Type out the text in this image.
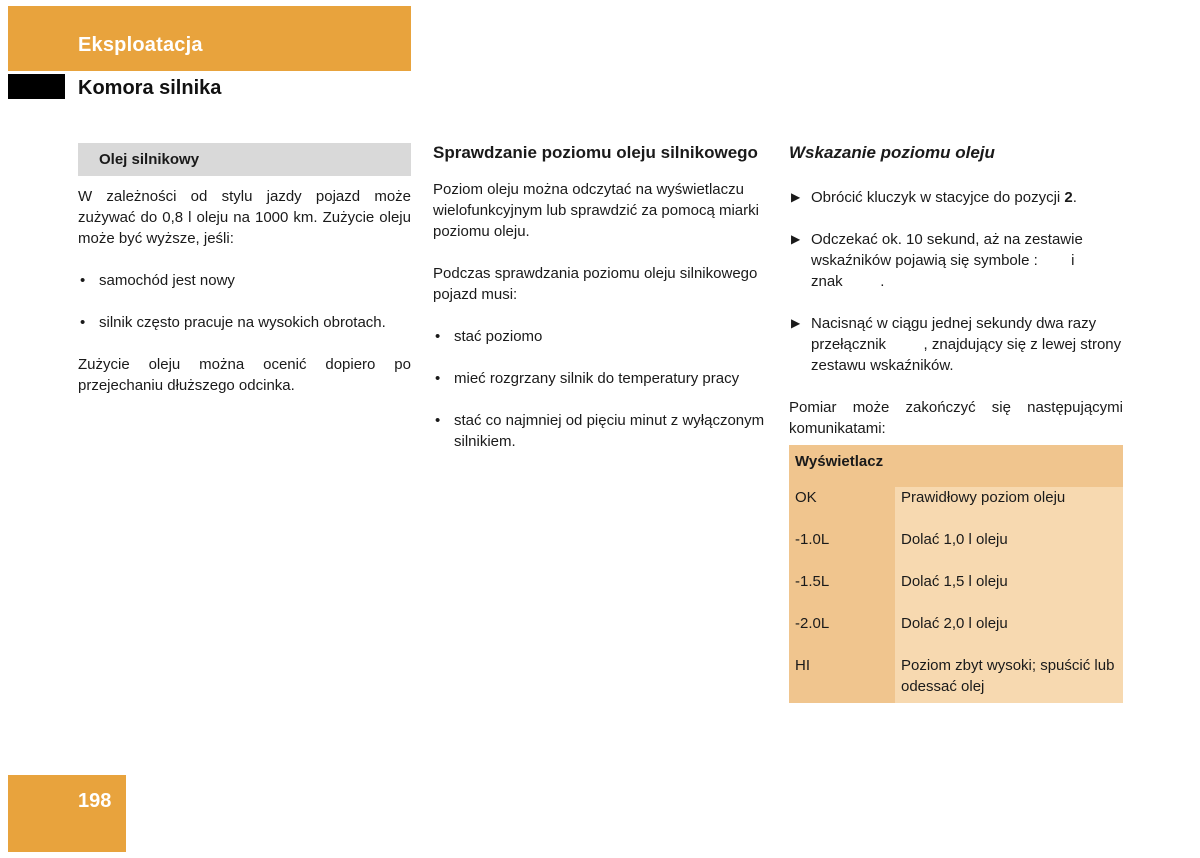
Eksploatacja
Komora silnika
Olej silnikowy

W zależności od stylu jazdy pojazd może zużywać do 0,8 l oleju na 1000 km. Zużycie oleju może być wyższe, jeśli:

• samochód jest nowy
• silnik często pracuje na wysokich obrotach.

Zużycie oleju można ocenić dopiero po przejechaniu dłuższego odcinka.

Sprawdzanie poziomu oleju silnikowego

Poziom oleju można odczytać na wyświetlaczu wielofunkcyjnym lub sprawdzić za pomocą miarki poziomu oleju.

Podczas sprawdzania poziomu oleju silnikowego pojazd musi:

• stać poziomo
• mieć rozgrzany silnik do temperatury pracy
• stać co najmniej od pięciu minut z wyłączonym silnikiem.

Wskazanie poziomu oleju

▶ Obrócić kluczyk w stacyjce do pozycji 2.
▶ Odczekać ok. 10 sekund, aż na zestawie wskaźników pojawią się symbole : i
znak	.
▶ Nacisnąć w ciągu jednej sekundy dwa razy przełącznik	, znajdujący się z lewej strony zestawu wskaźników.

Pomiar może zakończyć się następującymi komunikatami:

Wyświetlacz	
OK	Prawidłowy poziom oleju
-1.0L	Dolać 1,0 l oleju
-1.5L	Dolać 1,5 l oleju
-2.0L	Dolać 2,0 l oleju
HI	Poziom zbyt wysoki; spuścić lub odessać olej
198
